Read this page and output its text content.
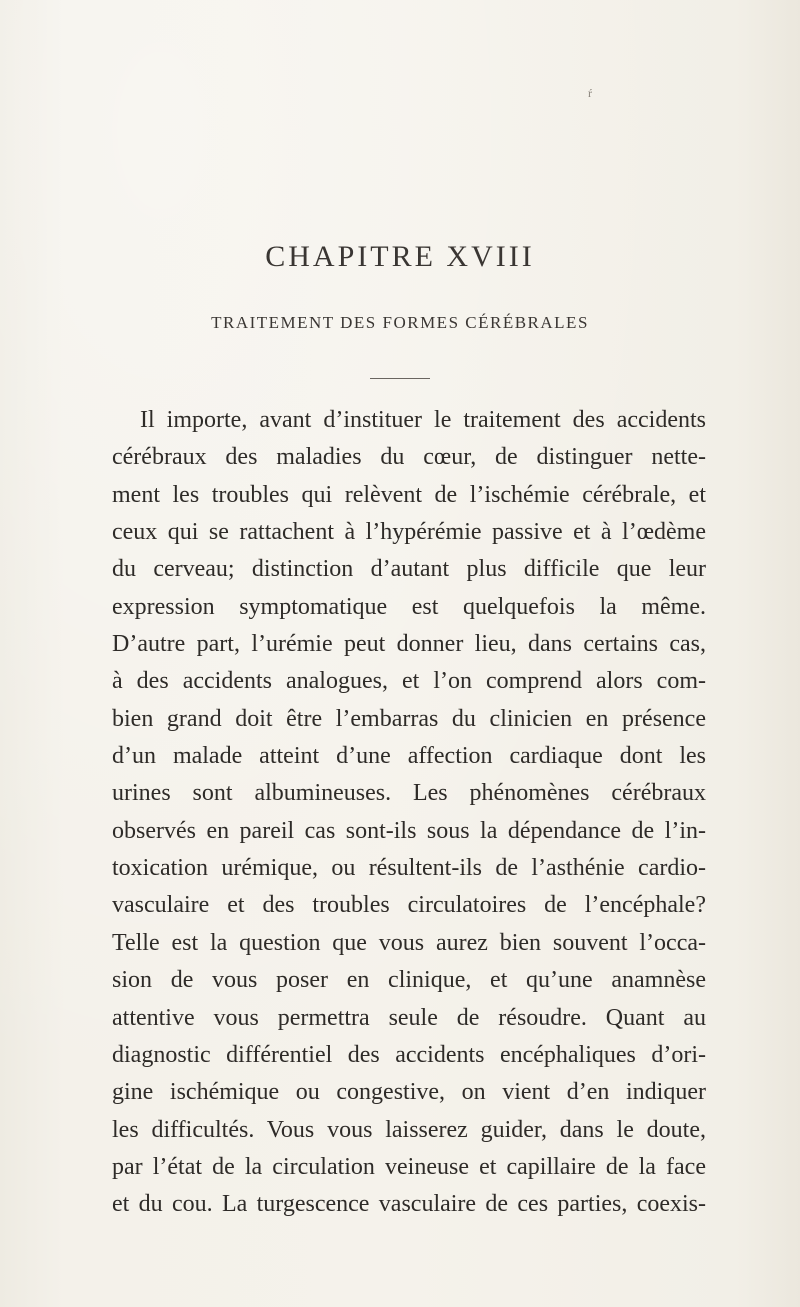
ŕ
CHAPITRE XVIII
TRAITEMENT DES FORMES CÉRÉBRALES
Il importe, avant d’instituer le traitement des accidents
cérébraux des maladies du cœur, de distinguer nette-
ment les troubles qui relèvent de l’ischémie cérébrale, et
ceux qui se rattachent à l’hypérémie passive et à l’œdème
du cerveau; distinction d’autant plus difficile que leur
expression symptomatique est quelquefois la même.
D’autre part, l’urémie peut donner lieu, dans certains cas,
à des accidents analogues, et l’on comprend alors com-
bien grand doit être l’embarras du clinicien en présence
d’un malade atteint d’une affection cardiaque dont les
urines sont albumineuses. Les phénomènes cérébraux
observés en pareil cas sont-ils sous la dépendance de l’in-
toxication urémique, ou résultent-ils de l’asthénie cardio-
vasculaire et des troubles circulatoires de l’encéphale?
Telle est la question que vous aurez bien souvent l’occa-
sion de vous poser en clinique, et qu’une anamnèse
attentive vous permettra seule de résoudre. Quant au
diagnostic différentiel des accidents encéphaliques d’ori-
gine ischémique ou congestive, on vient d’en indiquer
les difficultés. Vous vous laisserez guider, dans le doute,
par l’état de la circulation veineuse et capillaire de la face
et du cou. La turgescence vasculaire de ces parties, coexis-
